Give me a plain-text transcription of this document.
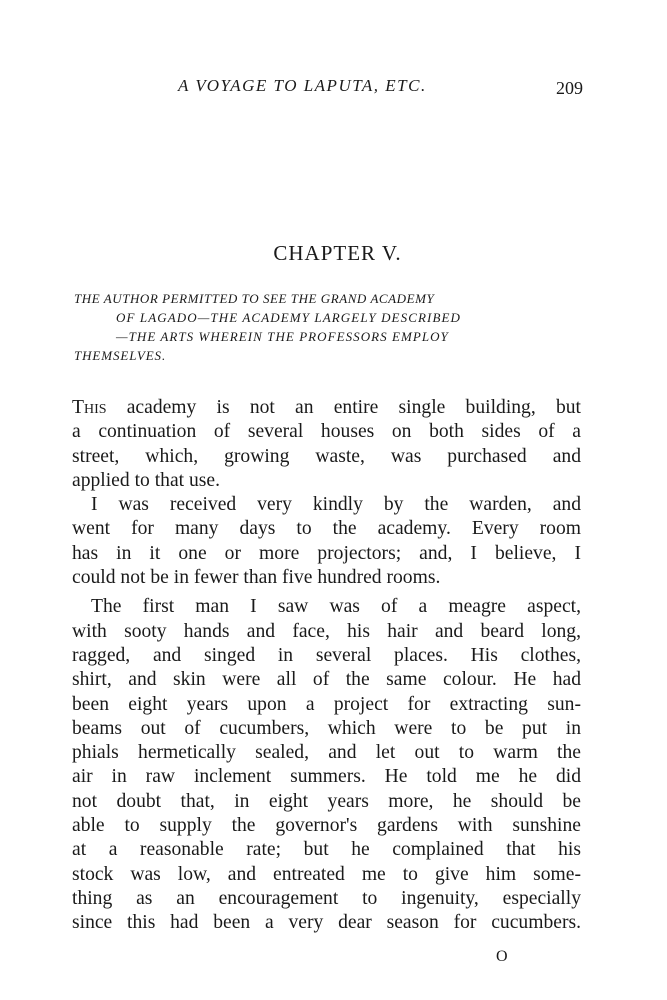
A VOYAGE TO LAPUTA, ETC.	209
CHAPTER V.
THE AUTHOR PERMITTED TO SEE THE GRAND ACADEMY
OF LAGADO—THE ACADEMY LARGELY DESCRIBED
—THE ARTS WHEREIN THE PROFESSORS EMPLOY
THEMSELVES.
This academy is not an entire single building, but
a continuation of several houses on both sides of a
street, which, growing waste, was purchased and
applied to that use.
I was received very kindly by the warden, and
went for many days to the academy. Every room
has in it one or more projectors; and, I believe, I
could not be in fewer than five hundred rooms.
The first man I saw was of a meagre aspect,
with sooty hands and face, his hair and beard long,
ragged, and singed in several places. His clothes,
shirt, and skin were all of the same colour. He had
been eight years upon a project for extracting sun-
beams out of cucumbers, which were to be put in
phials hermetically sealed, and let out to warm the
air in raw inclement summers. He told me he did
not doubt that, in eight years more, he should be
able to supply the governor's gardens with sunshine
at a reasonable rate; but he complained that his
stock was low, and entreated me to give him some-
thing as an encouragement to ingenuity, especially
since this had been a very dear season for cucumbers.
O
